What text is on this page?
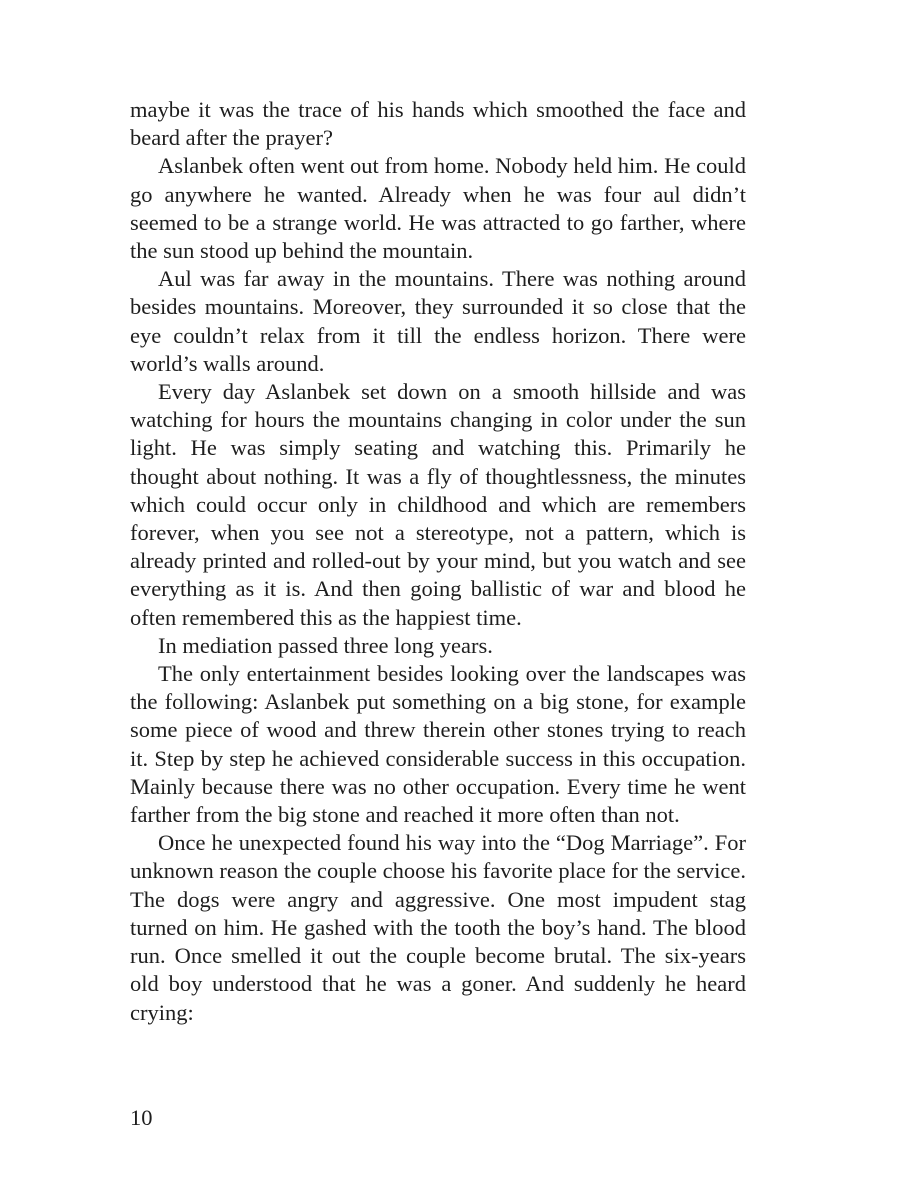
maybe it was the trace of his hands which smoothed the face and beard after the prayer?

Aslanbek often went out from home. Nobody held him. He could go anywhere he wanted. Already when he was four aul didn’t seemed to be a strange world. He was attracted to go farther, where the sun stood up behind the mountain.

Aul was far away in the mountains. There was nothing around besides mountains. Moreover, they surrounded it so close that the eye couldn’t relax from it till the endless horizon. There were world’s walls around.

Every day Aslanbek set down on a smooth hillside and was watching for hours the mountains changing in color under the sun light. He was simply seating and watching this. Primarily he thought about nothing. It was a fly of thoughtlessness, the minutes which could occur only in childhood and which are remembers forever, when you see not a stereotype, not a pattern, which is already printed and rolled-out by your mind, but you watch and see everything as it is. And then going ballistic of war and blood he often remembered this as the happiest time.

In mediation passed three long years.

The only entertainment besides looking over the landscapes was the following: Aslanbek put something on a big stone, for example some piece of wood and threw therein other stones trying to reach it. Step by step he achieved considerable success in this occupation. Mainly because there was no other occupation. Every time he went farther from the big stone and reached it more often than not.

Once he unexpected found his way into the “Dog Marriage”. For unknown reason the couple choose his favorite place for the service. The dogs were angry and aggressive. One most impudent stag turned on him. He gashed with the tooth the boy’s hand. The blood run. Once smelled it out the couple become brutal. The six-years old boy understood that he was a goner. And suddenly he heard crying:

10
